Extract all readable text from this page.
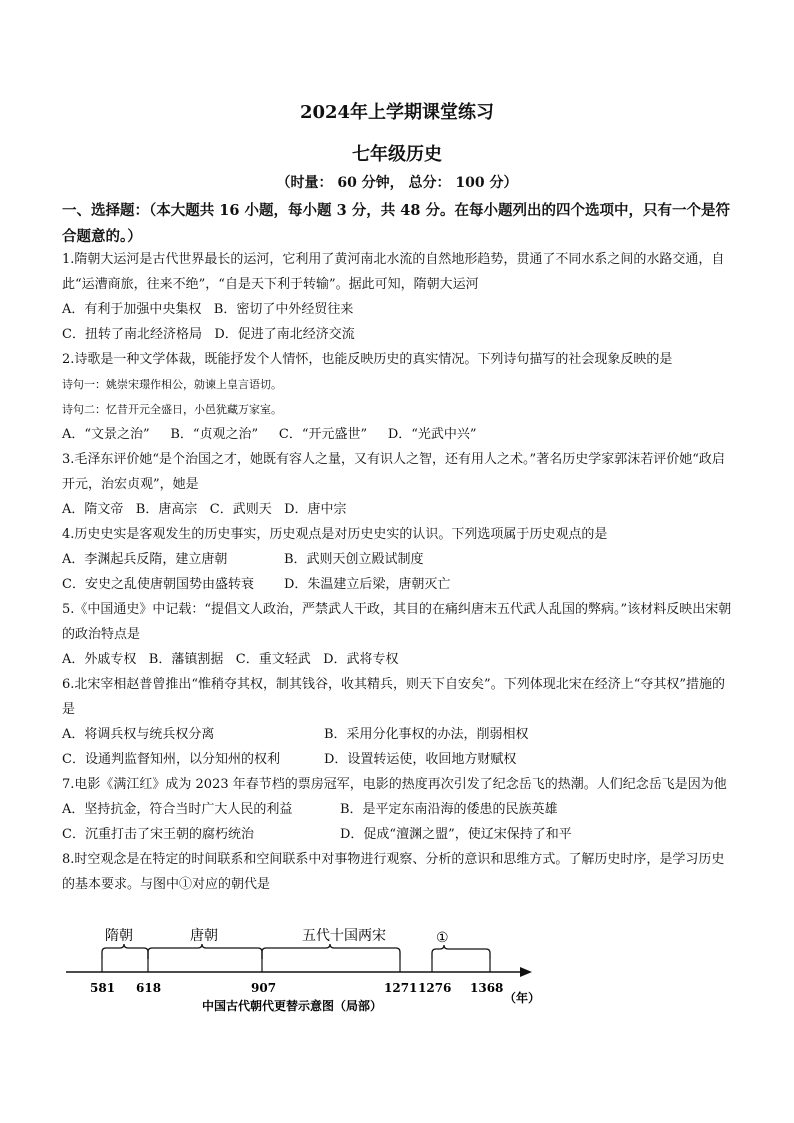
2024年上学期课堂练习
七年级历史
（时量： 60 分钟， 总分： 100 分）
一、选择题：（本大题共 16 小题，每小题 3 分，共 48 分。在每小题列出的四个选项中，只有一个是符合题意的。）

1.隋朝大运河是古代世界最长的运河，它利用了黄河南北水流的自然地形趋势，贯通了不同水系之间的水路交通，自此“运漕商旅，往来不绝”，“自是天下利于转输”。据此可知，隋朝大运河

A．有利于加强中央集权 B．密切了中外经贸往来

C．扭转了南北经济格局 D．促进了南北经济交流

2.诗歌是一种文学体裁，既能抒发个人情怀，也能反映历史的真实情况。下列诗句描写的社会现象反映的是

诗句一：姚崇宋璟作相公，勍谏上皇言语切。

诗句二：忆昔开元全盛日，小邑犹藏万家室。

A．“文景之治” B．“贞观之治” C．“开元盛世” D．“光武中兴”

3.毛泽东评价她“是个治国之才，她既有容人之量，又有识人之智，还有用人之术。”著名历史学家郭沫若评价她“政启开元，治宏贞观”，她是

A．隋文帝 B．唐高宗 C．武则天 D．唐中宗

4.历史史实是客观发生的历史事实，历史观点是对历史史实的认识。下列选项属于历史观点的是

A．李渊起兵反隋，建立唐朝	B．武则天创立殿试制度
C．安史之乱使唐朝国势由盛转衰	D．朱温建立后梁，唐朝灭亡

5.《中国通史》中记载：“提倡文人政治，严禁武人干政，其目的在痛纠唐末五代武人乱国的弊病。”该材料反映出宋朝的政治特点是

A．外戚专权 B．藩镇割据 C．重文轻武 D．武将专权

6.北宋宰相赵普曾推出“惟稍夺其权，制其钱谷，收其精兵，则天下自安矣”。下列体现北宋在经济上“夺其权”措施的是

A．将调兵权与统兵权分离	B．采用分化事权的办法，削弱相权
C．设通判监督知州，以分知州的权利	D．设置转运使，收回地方财赋权

7.电影《满江红》成为 2023 年春节档的票房冠军，电影的热度再次引发了纪念岳飞的热潮。人们纪念岳飞是因为他

A．坚持抗金，符合当时广大人民的利益	B．是平定东南沿海的倭患的民族英雄
C．沉重打击了宋王朝的腐朽统治	D．促成“澶渊之盟”，使辽宋保持了和平

8.时空观念是在特定的时间联系和空间联系中对事物进行观察、分析的意识和思维方式。了解历史时序，是学习历史的基本要求。与图中①对应的朝代是

隋朝	唐朝	五代十国两宋	①
581 618	907	1271 1276 1368
（年）
中国古代朝代更替示意图（局部）
